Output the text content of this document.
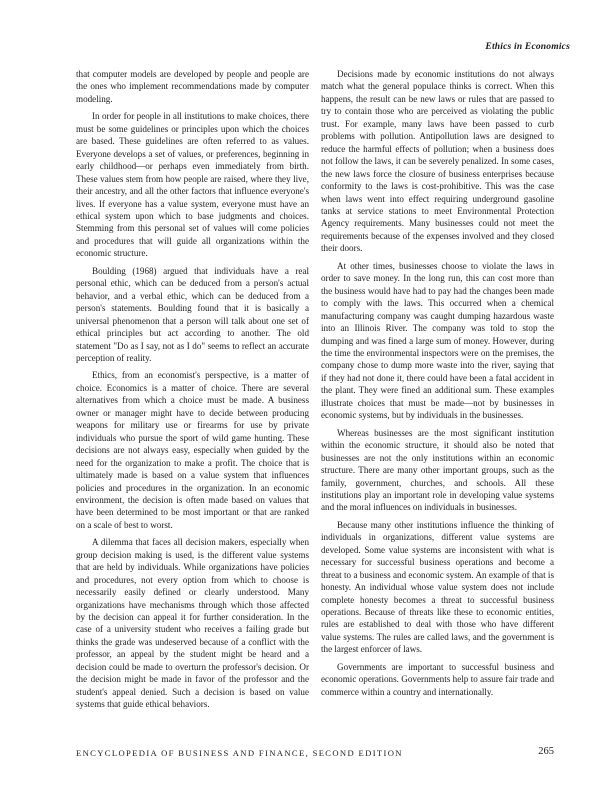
Ethics in Economics

that computer models are developed by people and people are the ones who implement recommendations made by computer modeling.

In order for people in all institutions to make choices, there must be some guidelines or principles upon which the choices are based. These guidelines are often referred to as values. Everyone develops a set of values, or preferences, beginning in early childhood—or perhaps even immediately from birth. These values stem from how people are raised, where they live, their ancestry, and all the other factors that influence everyone's lives. If everyone has a value system, everyone must have an ethical system upon which to base judgments and choices. Stemming from this personal set of values will come policies and procedures that will guide all organizations within the economic structure.

Boulding (1968) argued that individuals have a real personal ethic, which can be deduced from a person's actual behavior, and a verbal ethic, which can be deduced from a person's statements. Boulding found that it is basically a universal phenomenon that a person will talk about one set of ethical principles but act according to another. The old statement "Do as I say, not as I do" seems to reflect an accurate perception of reality.

Ethics, from an economist's perspective, is a matter of choice. Economics is a matter of choice. There are several alternatives from which a choice must be made. A business owner or manager might have to decide between producing weapons for military use or firearms for use by private individuals who pursue the sport of wild game hunting. These decisions are not always easy, especially when guided by the need for the organization to make a profit. The choice that is ultimately made is based on a value system that influences policies and procedures in the organization. In an economic environment, the decision is often made based on values that have been determined to be most important or that are ranked on a scale of best to worst.

A dilemma that faces all decision makers, especially when group decision making is used, is the different value systems that are held by individuals. While organizations have policies and procedures, not every option from which to choose is necessarily easily defined or clearly understood. Many organizations have mechanisms through which those affected by the decision can appeal it for further consideration. In the case of a university student who receives a failing grade but thinks the grade was undeserved because of a conflict with the professor, an appeal by the student might be heard and a decision could be made to overturn the professor's decision. Or the decision might be made in favor of the professor and the student's appeal denied. Such a decision is based on value systems that guide ethical behaviors.

Decisions made by economic institutions do not always match what the general populace thinks is correct. When this happens, the result can be new laws or rules that are passed to try to contain those who are perceived as violating the public trust. For example, many laws have been passed to curb problems with pollution. Antipollution laws are designed to reduce the harmful effects of pollution; when a business does not follow the laws, it can be severely penalized. In some cases, the new laws force the closure of business enterprises because conformity to the laws is cost-prohibitive. This was the case when laws went into effect requiring underground gasoline tanks at service stations to meet Environmental Protection Agency requirements. Many businesses could not meet the requirements because of the expenses involved and they closed their doors.

At other times, businesses choose to violate the laws in order to save money. In the long run, this can cost more than the business would have had to pay had the changes been made to comply with the laws. This occurred when a chemical manufacturing company was caught dumping hazardous waste into an Illinois River. The company was told to stop the dumping and was fined a large sum of money. However, during the time the environmental inspectors were on the premises, the company chose to dump more waste into the river, saying that if they had not done it, there could have been a fatal accident in the plant. They were fined an additional sum. These examples illustrate choices that must be made—not by businesses in economic systems, but by individuals in the businesses.

Whereas businesses are the most significant institution within the economic structure, it should also be noted that businesses are not the only institutions within an economic structure. There are many other important groups, such as the family, government, churches, and schools. All these institutions play an important role in developing value systems and the moral influences on individuals in businesses.

Because many other institutions influence the thinking of individuals in organizations, different value systems are developed. Some value systems are inconsistent with what is necessary for successful business operations and become a threat to a business and economic system. An example of that is honesty. An individual whose value system does not include complete honesty becomes a threat to successful business operations. Because of threats like these to economic entities, rules are established to deal with those who have different value systems. The rules are called laws, and the government is the largest enforcer of laws.

Governments are important to successful business and economic operations. Governments help to assure fair trade and commerce within a country and internationally.

ENCYCLOPEDIA OF BUSINESS AND FINANCE, SECOND EDITION	265
